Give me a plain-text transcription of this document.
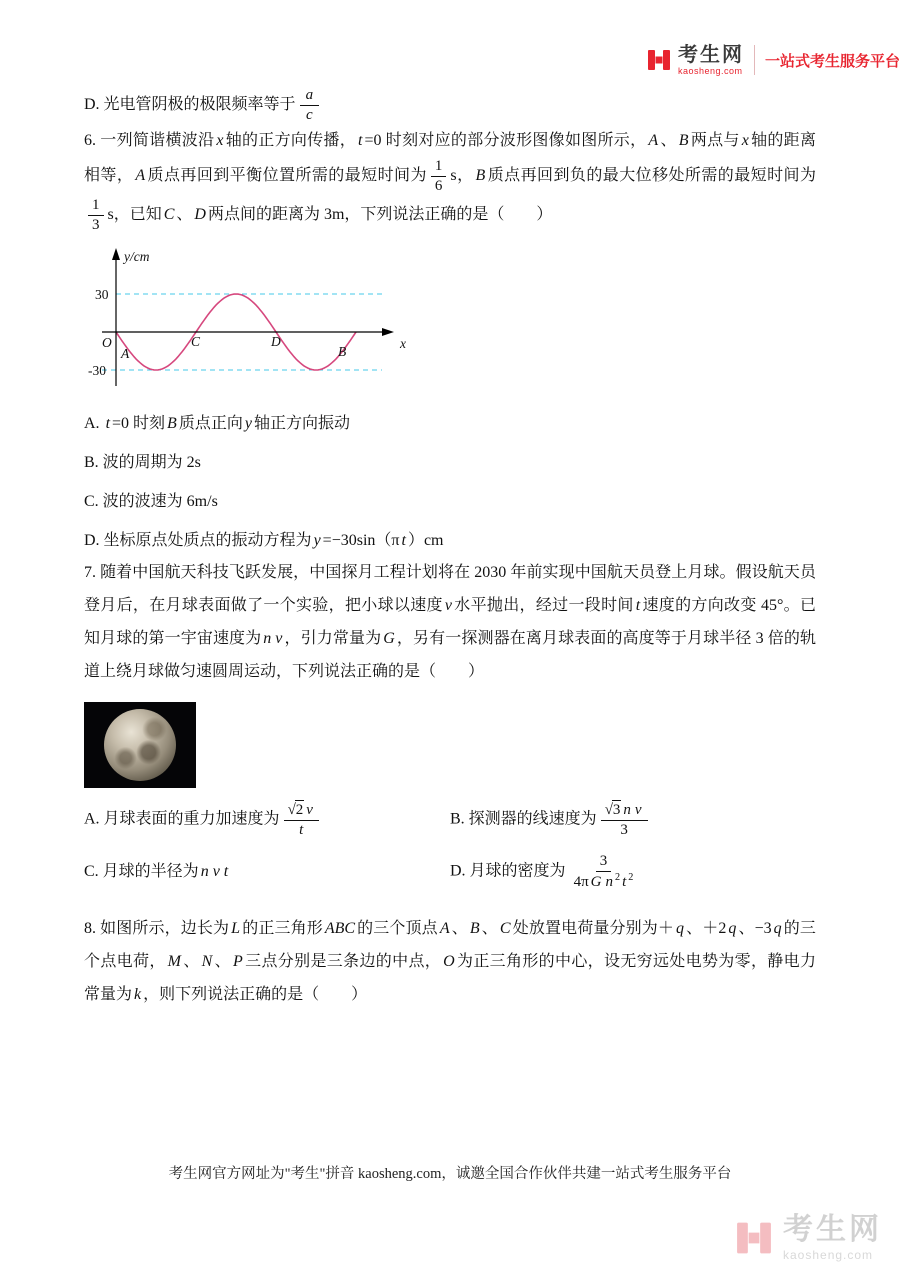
考生网
kaosheng.com
一站式考生服务平台

D. 光电管阴极的极限频率等于 $\frac{a}{c}$

6. 一列简谐横波沿 x 轴的正方向传播， t =0 时刻对应的部分波形图像如图所示， A 、 B 两点与 x 轴的距离相等， A 质点再回到平衡位置所需的最短时间为 $\frac{1}{6}$ s， B 质点再回到负的最大位移处所需的最短时间为
$\frac{1}{3}$ s，已知 C 、 D 两点间的距离为 3m，下列说法正确的是（　　）

y/cm
x
30
-30
O
A
C	D
B

A. t =0 时刻 B 质点正向 y 轴正方向振动

B. 波的周期为 2s

C. 波的波速为 6m/s

D. 坐标原点处质点的振动方程为 y =−30sin（π t ）cm

7. 随着中国航天科技飞跃发展，中国探月工程计划将在 2030 年前实现中国航天员登上月球。假设航天员登月后，在月球表面做了一个实验，把小球以速度 v 水平抛出，经过一段时间 t 速度的方向改变 45°。已知月球的第一宇宙速度为 n v ，引力常量为 G ，另有一探测器在离月球表面的高度等于月球半径 3 倍的轨道上绕月球做匀速圆周运动，下列说法正确的是（　　）

A. 月球表面的重力加速度为 $\frac{√ 2 v}{t}$	B. 探测器的线速度为 $\frac{\text{√ 3 n v}}{3}$

C. 月球的半径为 n v t	D. 月球的密度为 $\frac{3}{4\pi G n ^2 t ^2}$

8. 如图所示，边长为 L 的正三角形 ABC 的三个顶点 A 、 B 、 C 处放置电荷量分别为＋ q 、＋2 q 、−3 q 的三个点电荷， M 、 N 、 P 三点分别是三条边的中点， O 为正三角形的中心，设无穷远处电势为零，静电力常量为 k ，则下列说法正确的是（　　）

考生网官方网址为"考生"拼音 kaosheng.com，诚邀全国合作伙伴共建一站式考生服务平台

考生网
kaosheng.com
